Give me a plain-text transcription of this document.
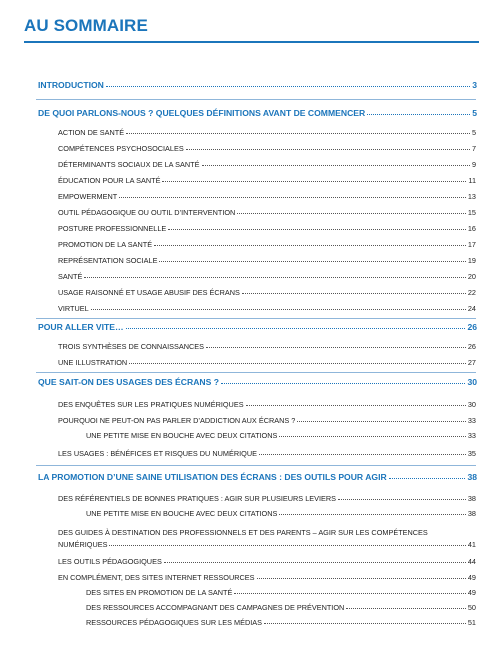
AU SOMMAIRE
INTRODUCTION	3
DE QUOI PARLONS-NOUS ? QUELQUES DÉFINITIONS AVANT DE COMMENCER	5
ACTION DE SANTÉ	5
COMPÉTENCES PSYCHOSOCIALES	7
DÉTERMINANTS SOCIAUX DE LA SANTÉ	9
ÉDUCATION POUR LA SANTÉ	11
EMPOWERMENT	13
OUTIL PÉDAGOGIQUE OU OUTIL D’INTERVENTION	15
POSTURE PROFESSIONNELLE	16
PROMOTION DE LA SANTÉ	17
REPRÉSENTATION SOCIALE	19
SANTÉ	20
USAGE RAISONNÉ ET USAGE ABUSIF DES ÉCRANS	22
VIRTUEL	24
POUR ALLER VITE…	26
TROIS SYNTHÈSES DE CONNAISSANCES	26
UNE ILLUSTRATION	27
QUE SAIT-ON DES USAGES DES ÉCRANS ?	30
DES ENQUÊTES SUR LES PRATIQUES NUMÉRIQUES	30
POURQUOI NE PEUT-ON PAS PARLER D’ADDICTION AUX ÉCRANS ?	33
UNE PETITE MISE EN BOUCHE AVEC DEUX CITATIONS	33
LES USAGES : BÉNÉFICES ET RISQUES DU NUMÉRIQUE	35
LA PROMOTION D’UNE SAINE UTILISATION DES ÉCRANS : DES OUTILS POUR AGIR	38
DES RÉFÉRENTIELS DE BONNES PRATIQUES : AGIR SUR PLUSIEURS LEVIERS	38
UNE PETITE MISE EN BOUCHE AVEC DEUX CITATIONS	38
DES GUIDES À DESTINATION DES PROFESSIONNELS ET DES PARENTS – AGIR SUR LES COMPÉTENCES
NUMÉRIQUES	41
LES OUTILS PÉDAGOGIQUES	44
EN COMPLÉMENT, DES SITES INTERNET RESSOURCES	49
DES SITES EN PROMOTION DE LA SANTÉ	49
DES RESSOURCES ACCOMPAGNANT DES CAMPAGNES DE PRÉVENTION	50
RESSOURCES PÉDAGOGIQUES SUR LES MÉDIAS	51
